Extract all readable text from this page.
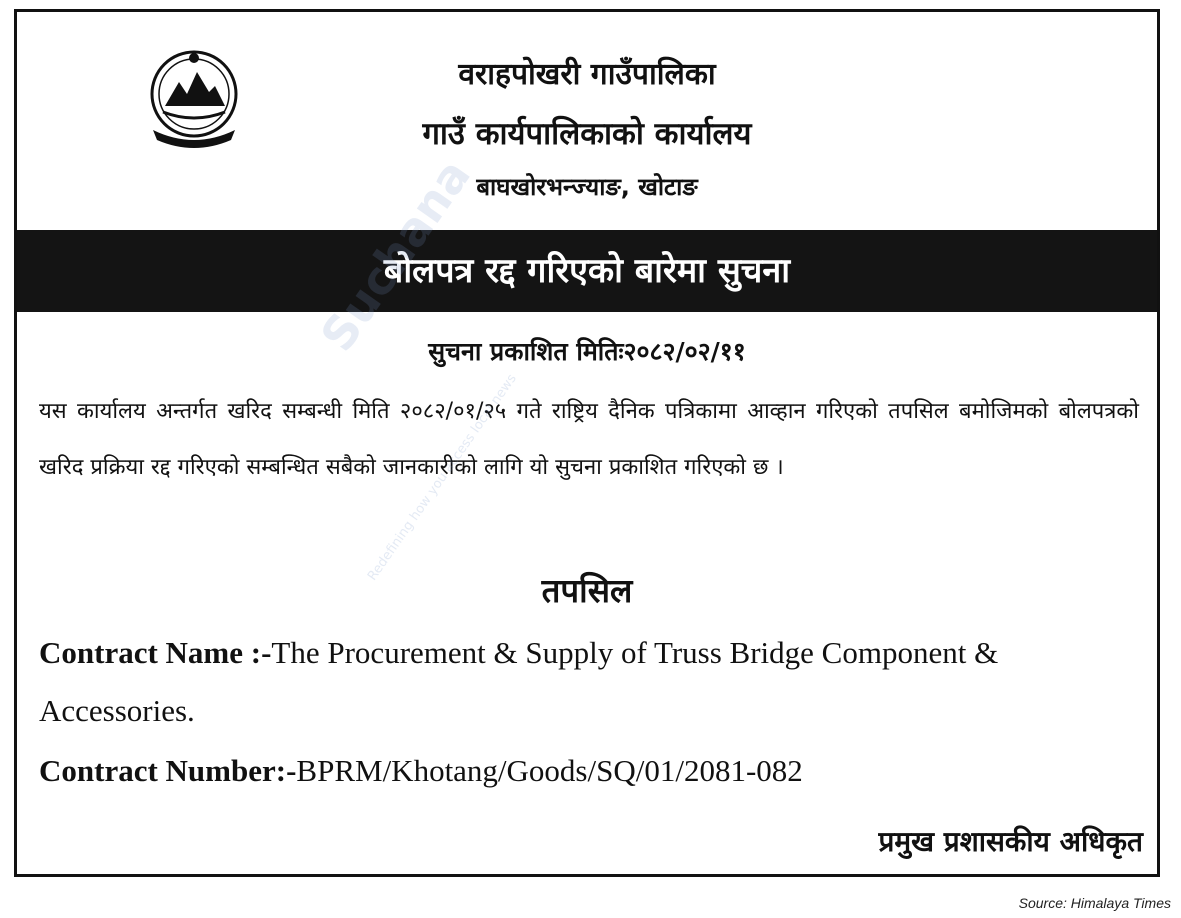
वराहपोखरी गाउँपालिका
गाउँ कार्यपालिकाको कार्यालय
बाघखोरभन्ज्याङ, खोटाङ
बोलपत्र रद्द गरिएको बारेमा सुचना
सुचना प्रकाशित मितिः२०८२/०२/११
यस कार्यालय अन्तर्गत खरिद सम्बन्धी मिति २०८२/०१/२५ गते राष्ट्रिय दैनिक पत्रिकामा आव्हान गरिएको तपसिल बमोजिमको बोलपत्रको खरिद प्रक्रिया रद्द गरिएको सम्बन्धित सबैको जानकारीको लागि यो सुचना प्रकाशित गरिएको छ ।
तपसिल
Contract Name :-The Procurement & Supply of Truss Bridge Component & Accessories.
Contract Number:-BPRM/Khotang/Goods/SQ/01/2081-082
प्रमुख प्रशासकीय अधिकृत
Redefining how you access local news
Source: Himalaya Times
